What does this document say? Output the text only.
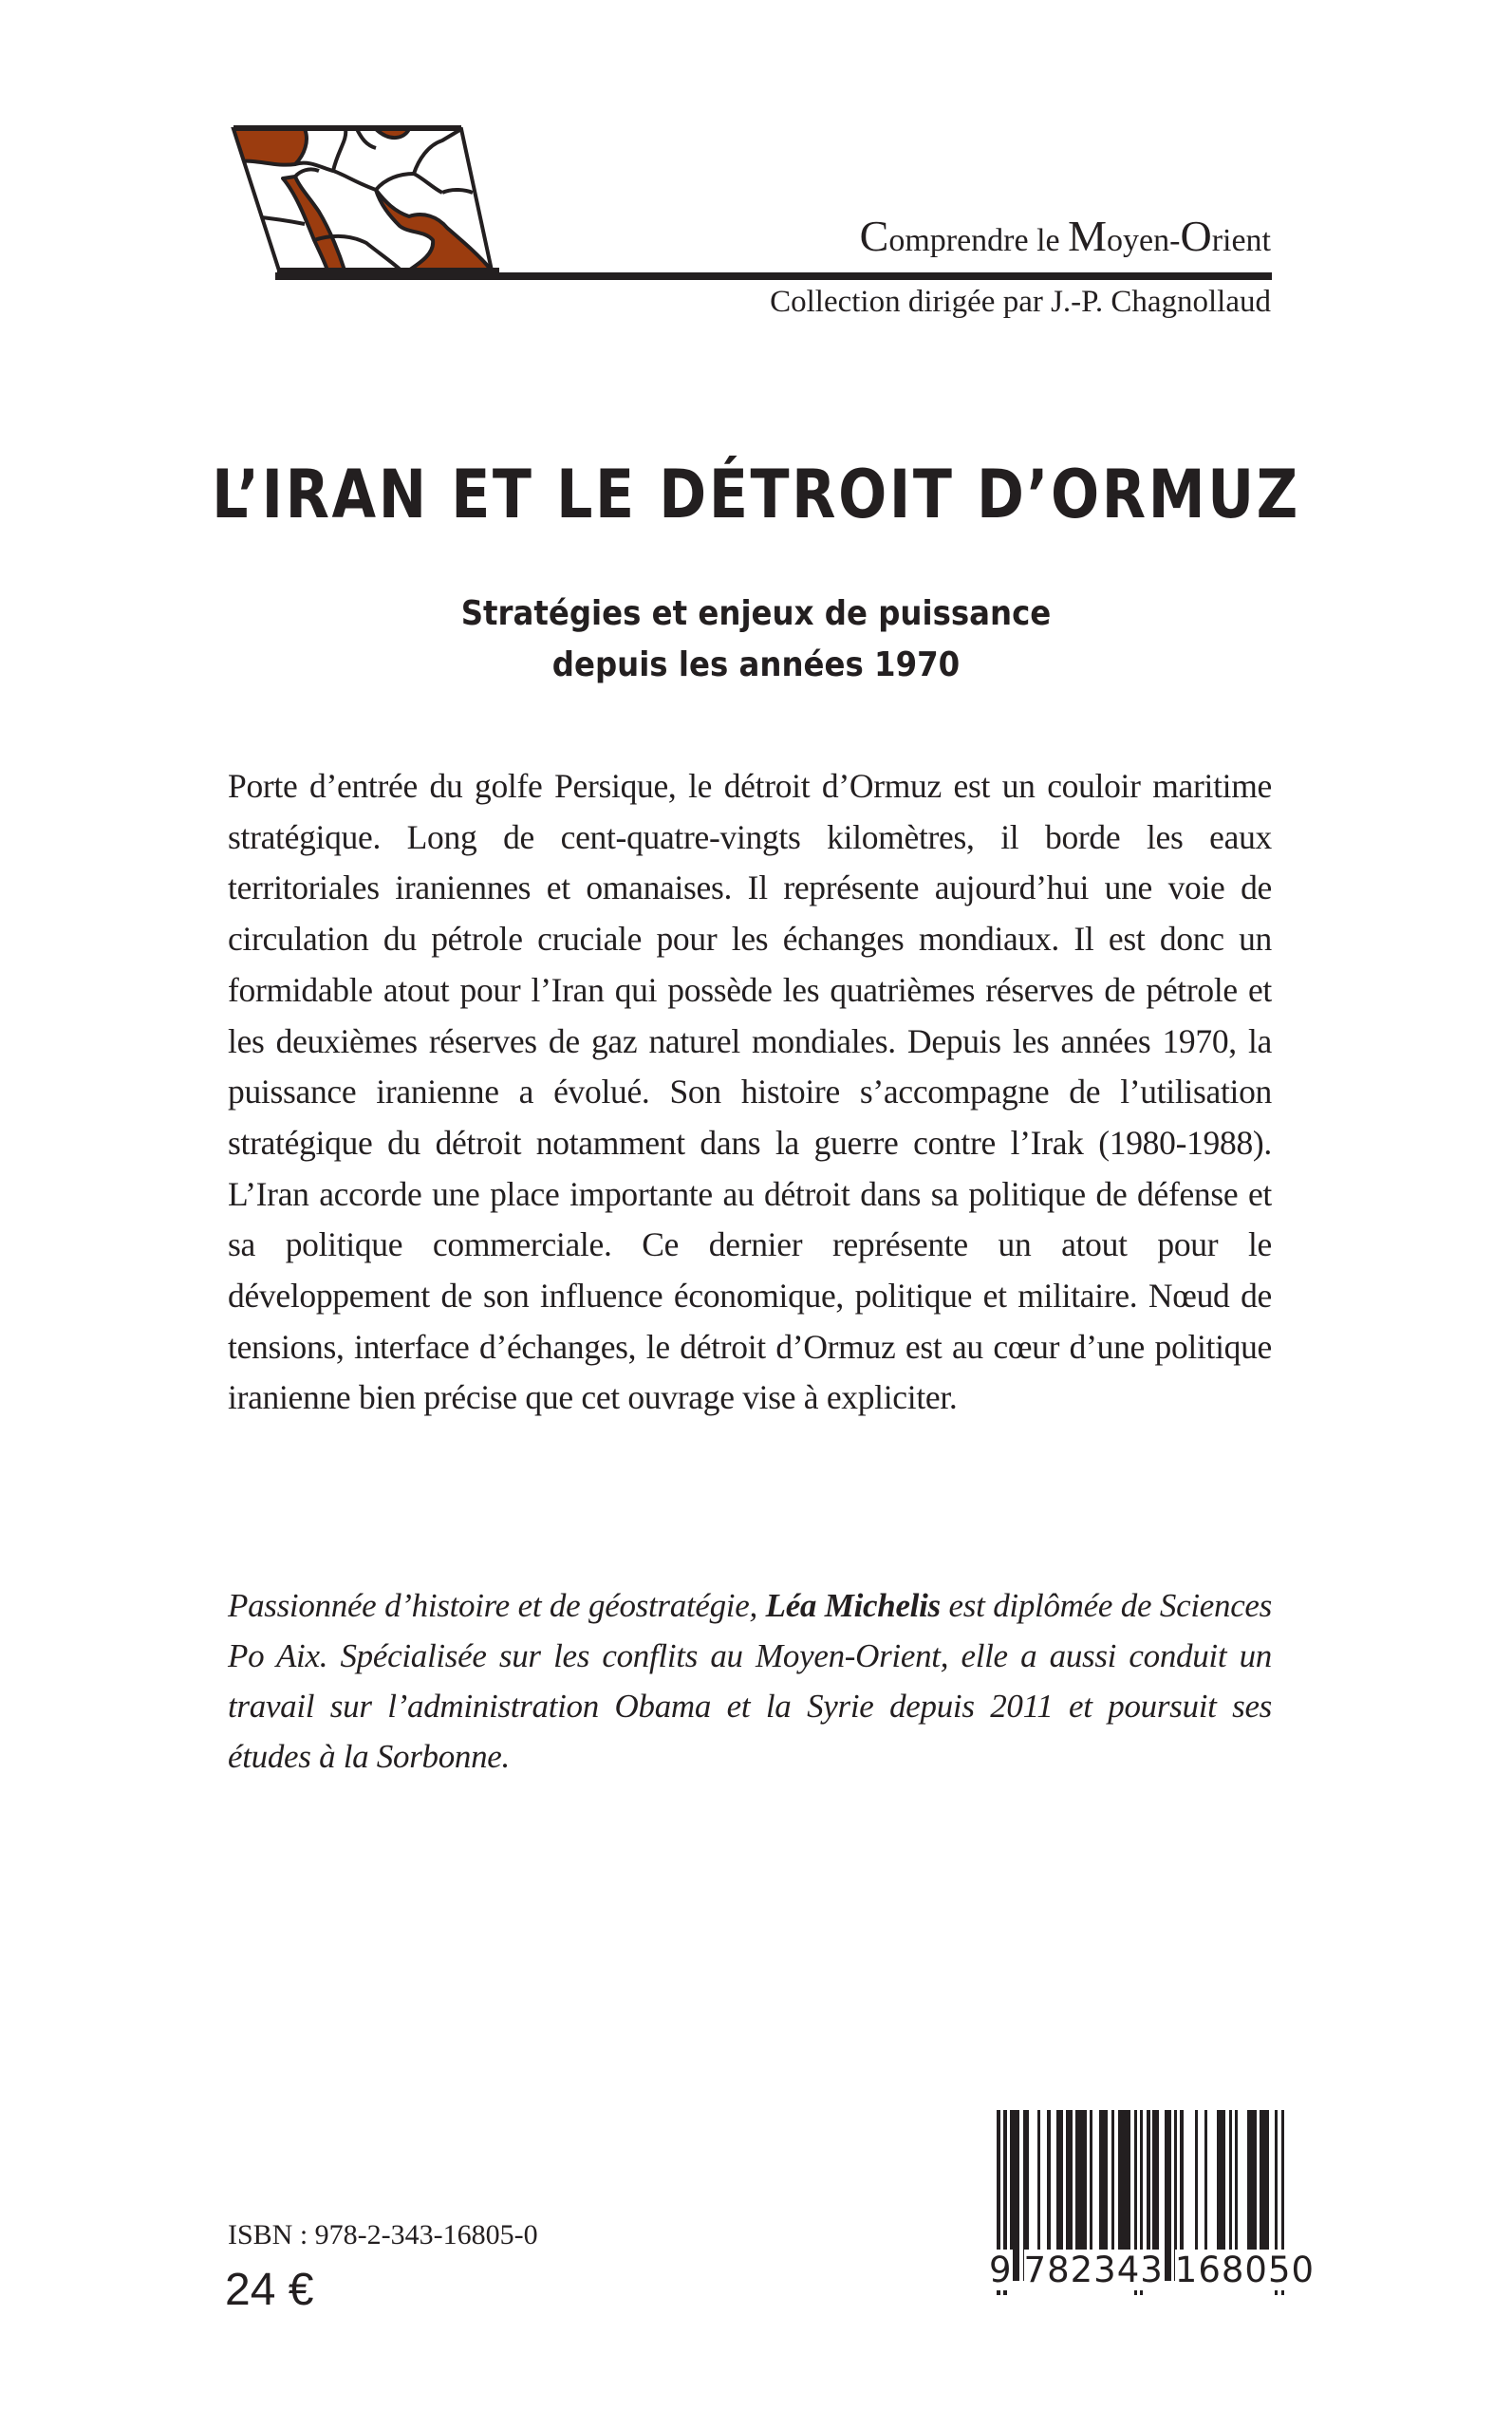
Comprendre le Moyen-Orient
Collection dirigée par J.-P. Chagnollaud
L’IRAN ET LE DÉTROIT D’ORMUZ
Stratégies et enjeux de puissance
depuis les années 1970
Porte d’entrée du golfe Persique, le détroit d’Ormuz est un couloir maritime stratégique. Long de cent-quatre-vingts kilomètres, il borde les eaux territoriales iraniennes et omanaises. Il représente aujourd’hui une voie de circulation du pétrole cruciale pour les échanges mondiaux. Il est donc un formidable atout pour l’Iran qui possède les quatrièmes réserves de pétrole et les deuxièmes réserves de gaz naturel mondiales. Depuis les années 1970, la puissance iranienne a évolué. Son histoire s’accompagne de l’utilisation stratégique du détroit notamment dans la guerre contre l’Irak (1980-1988). L’Iran accorde une place importante au détroit dans sa politique de défense et sa politique commerciale. Ce dernier représente un atout pour le développement de son influence économique, politique et militaire. Nœud de tensions, interface d’échanges, le détroit d’Ormuz est au cœur d’une politique iranienne bien précise que cet ouvrage vise à expliciter.
Passionnée d’histoire et de géostratégie, Léa Michelis est diplômée de Sciences Po Aix. Spécialisée sur les conflits au Moyen-Orient, elle a aussi conduit un travail sur l’administration Obama et la Syrie depuis 2011 et poursuit ses études à la Sorbonne.
ISBN : 978-2-343-16805-0
24 €	9 782343 168050
